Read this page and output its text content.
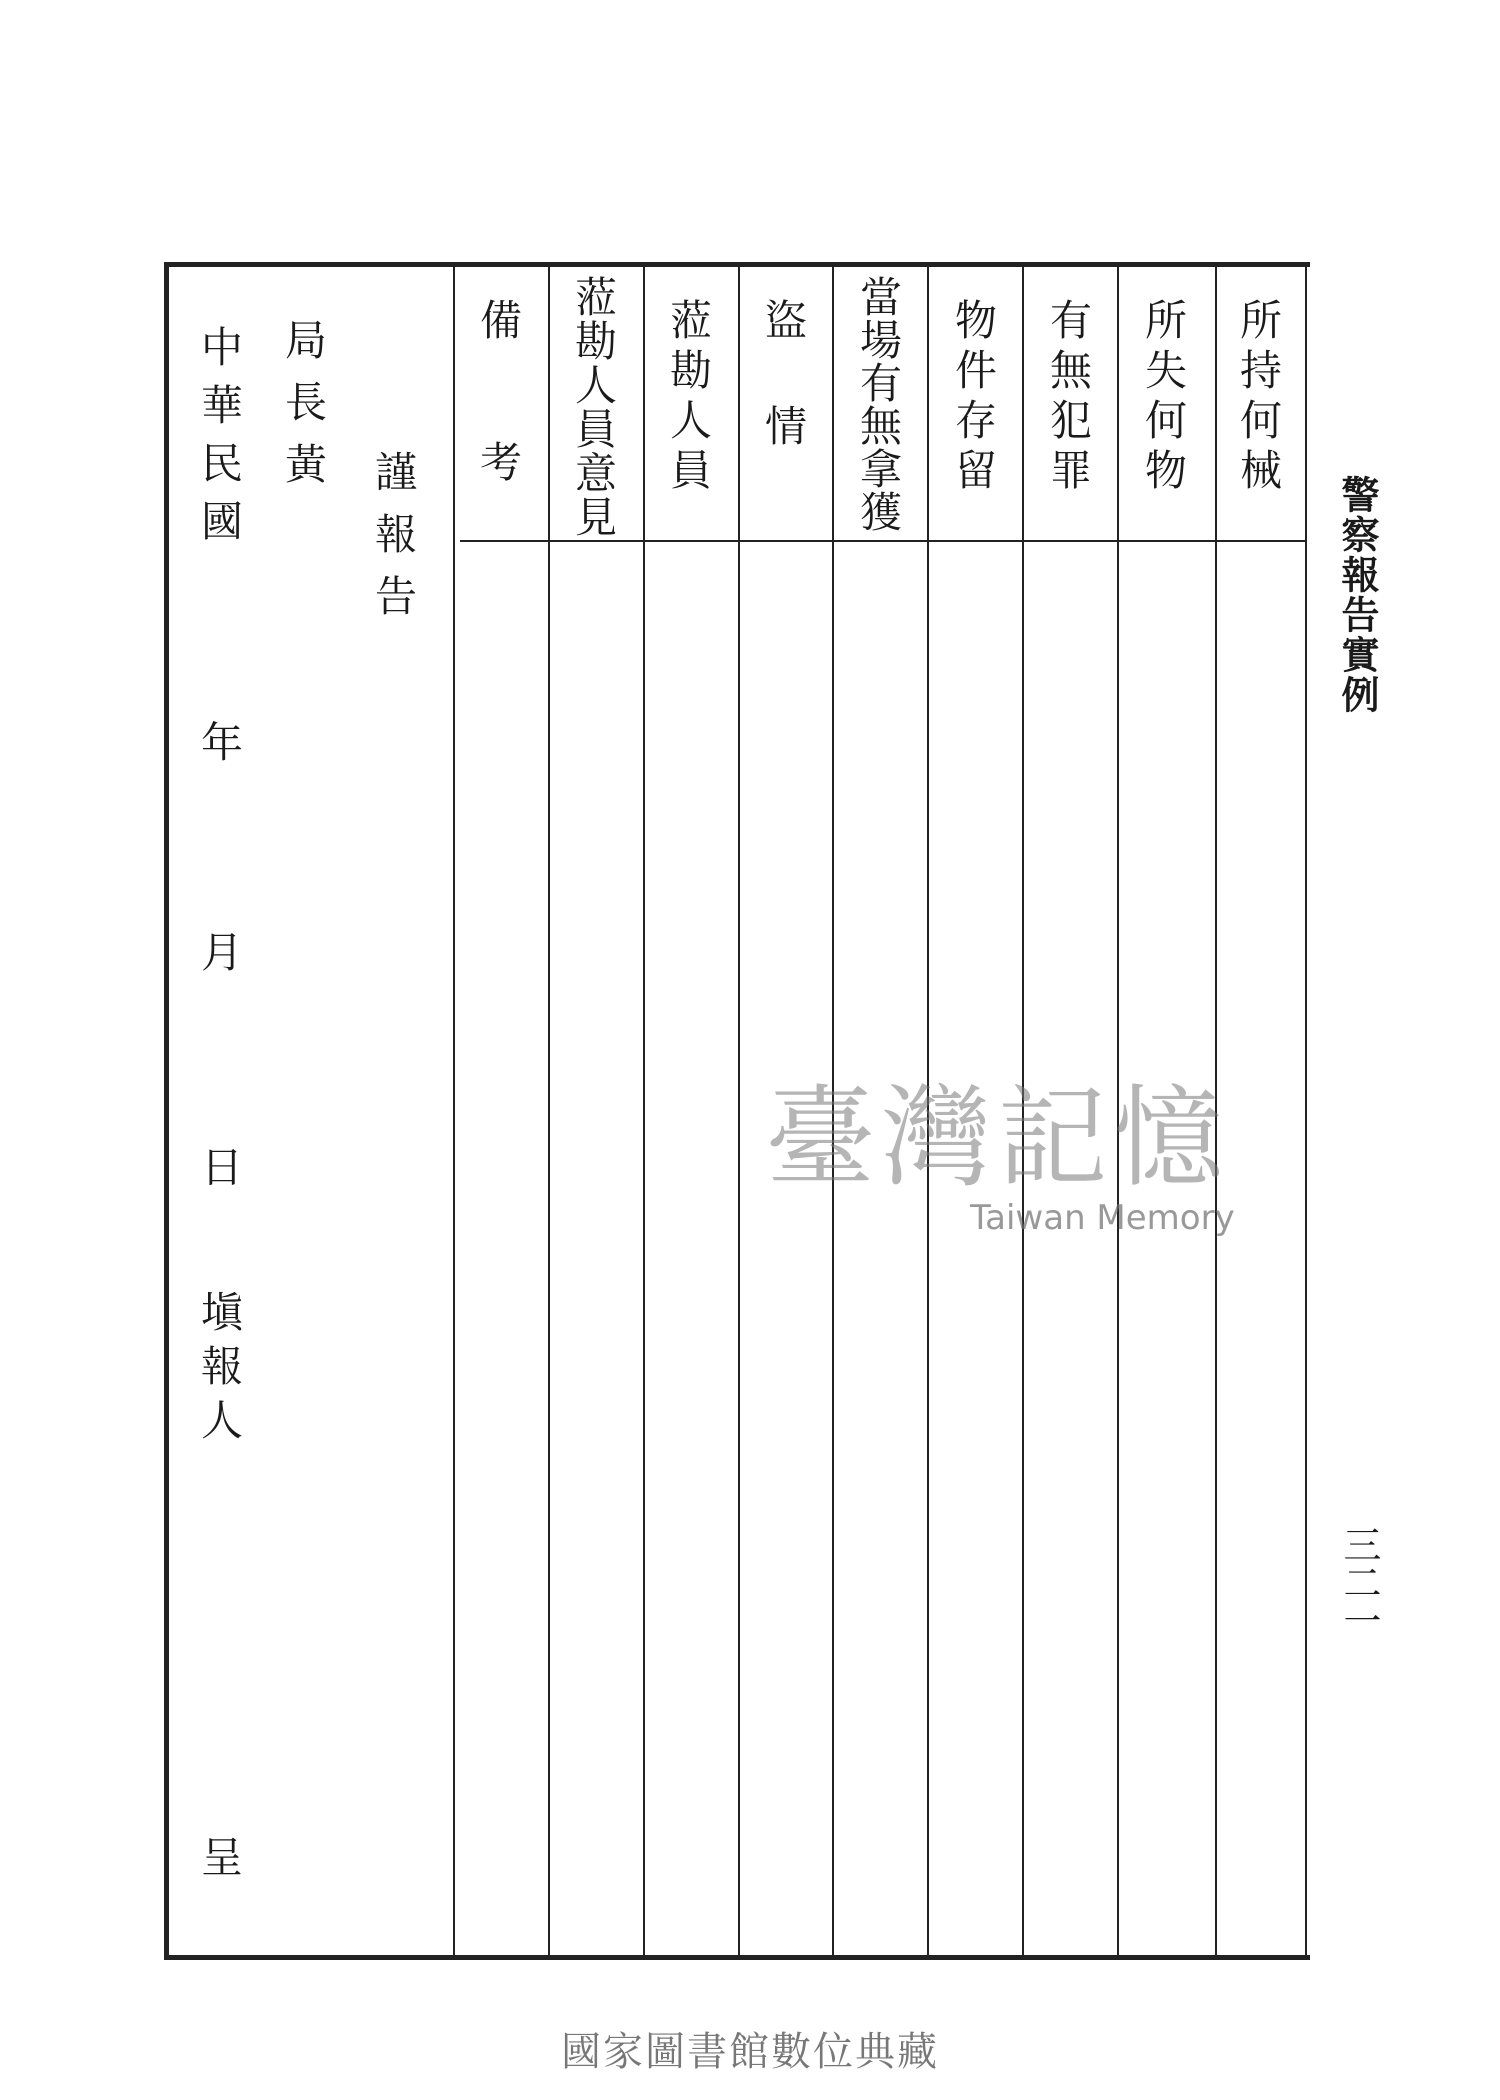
警察報告實例
三二一
所持何械
所失何物
有無犯罪
物件存留
當場有無拿獲
盜情
蒞勘人員
蒞勘人員意見
備考
謹報告
局長黃
中華民國
年
月
日
塡報人
呈
臺灣記憶
Taiwan Memory
國家圖書館數位典藏
